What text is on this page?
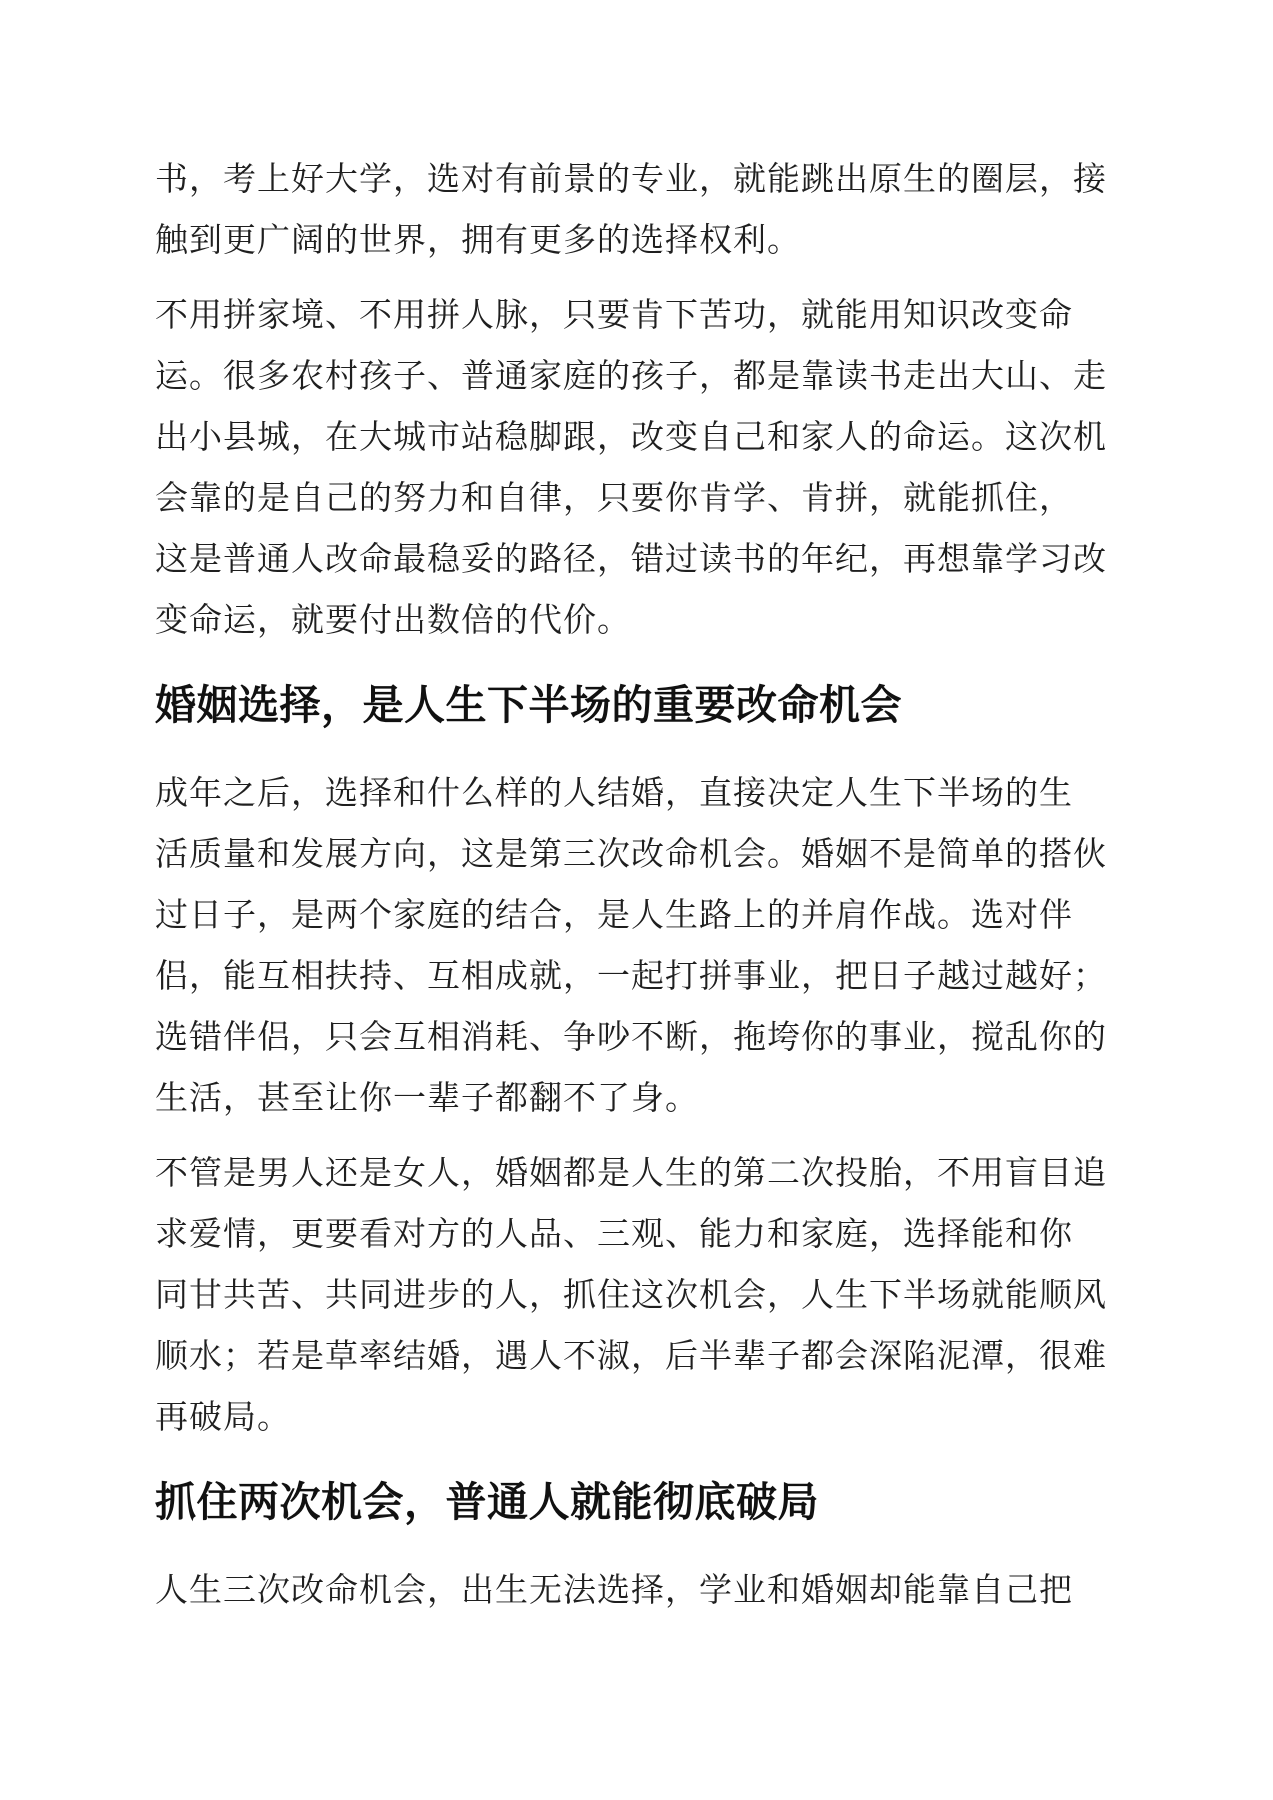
书，考上好大学，选对有前景的专业，就能跳出原生的圈层，接
触到更广阔的世界，拥有更多的选择权利。

不用拼家境、不用拼人脉，只要肯下苦功，就能用知识改变命
运。很多农村孩子、普通家庭的孩子，都是靠读书走出大山、走
出小县城，在大城市站稳脚跟，改变自己和家人的命运。这次机
会靠的是自己的努力和自律，只要你肯学、肯拼，就能抓住，
这是普通人改命最稳妥的路径，错过读书的年纪，再想靠学习改
变命运，就要付出数倍的代价。

婚姻选择，是人生下半场的重要改命机会

成年之后，选择和什么样的人结婚，直接决定人生下半场的生
活质量和发展方向，这是第三次改命机会。婚姻不是简单的搭伙
过日子，是两个家庭的结合，是人生路上的并肩作战。选对伴
侣，能互相扶持、互相成就，一起打拼事业，把日子越过越好；
选错伴侣，只会互相消耗、争吵不断，拖垮你的事业，搅乱你的
生活，甚至让你一辈子都翻不了身。

不管是男人还是女人，婚姻都是人生的第二次投胎，不用盲目追
求爱情，更要看对方的人品、三观、能力和家庭，选择能和你
同甘共苦、共同进步的人，抓住这次机会，人生下半场就能顺风
顺水；若是草率结婚，遇人不淑，后半辈子都会深陷泥潭，很难
再破局。

抓住两次机会，普通人就能彻底破局

人生三次改命机会，出生无法选择，学业和婚姻却能靠自己把
